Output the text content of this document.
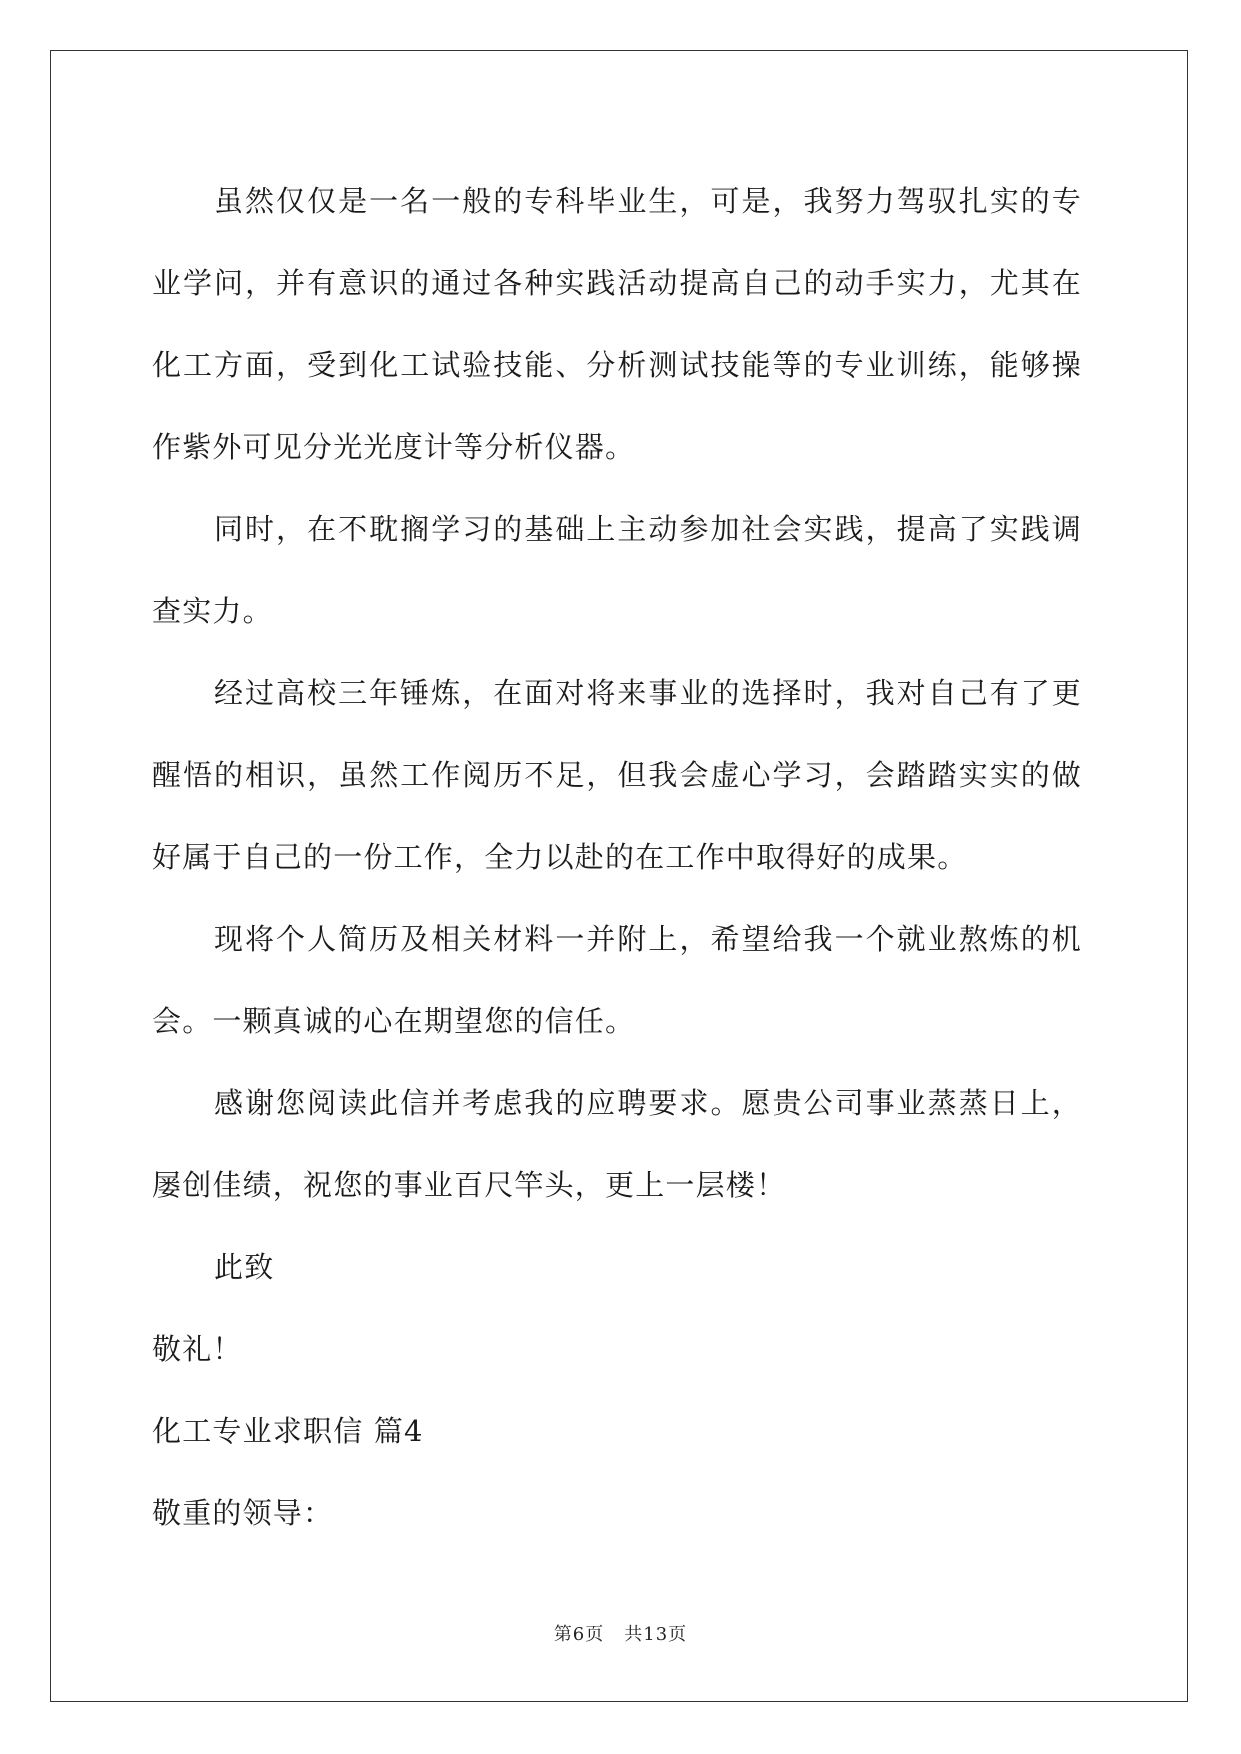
虽然仅仅是一名一般的专科毕业生，可是，我努力驾驭扎实的专业学问，并有意识的通过各种实践活动提高自己的动手实力，尤其在化工方面，受到化工试验技能、分析测试技能等的专业训练，能够操作紫外可见分光光度计等分析仪器。

同时，在不耽搁学习的基础上主动参加社会实践，提高了实践调查实力。

经过高校三年锤炼，在面对将来事业的选择时，我对自己有了更醒悟的相识，虽然工作阅历不足，但我会虚心学习，会踏踏实实的做好属于自己的一份工作，全力以赴的在工作中取得好的成果。

现将个人简历及相关材料一并附上，希望给我一个就业熬炼的机会。一颗真诚的心在期望您的信任。

感谢您阅读此信并考虑我的应聘要求。愿贵公司事业蒸蒸日上，屡创佳绩，祝您的事业百尺竿头，更上一层楼！

此致

敬礼！

化工专业求职信 篇4

敬重的领导：

第6页 共13页
